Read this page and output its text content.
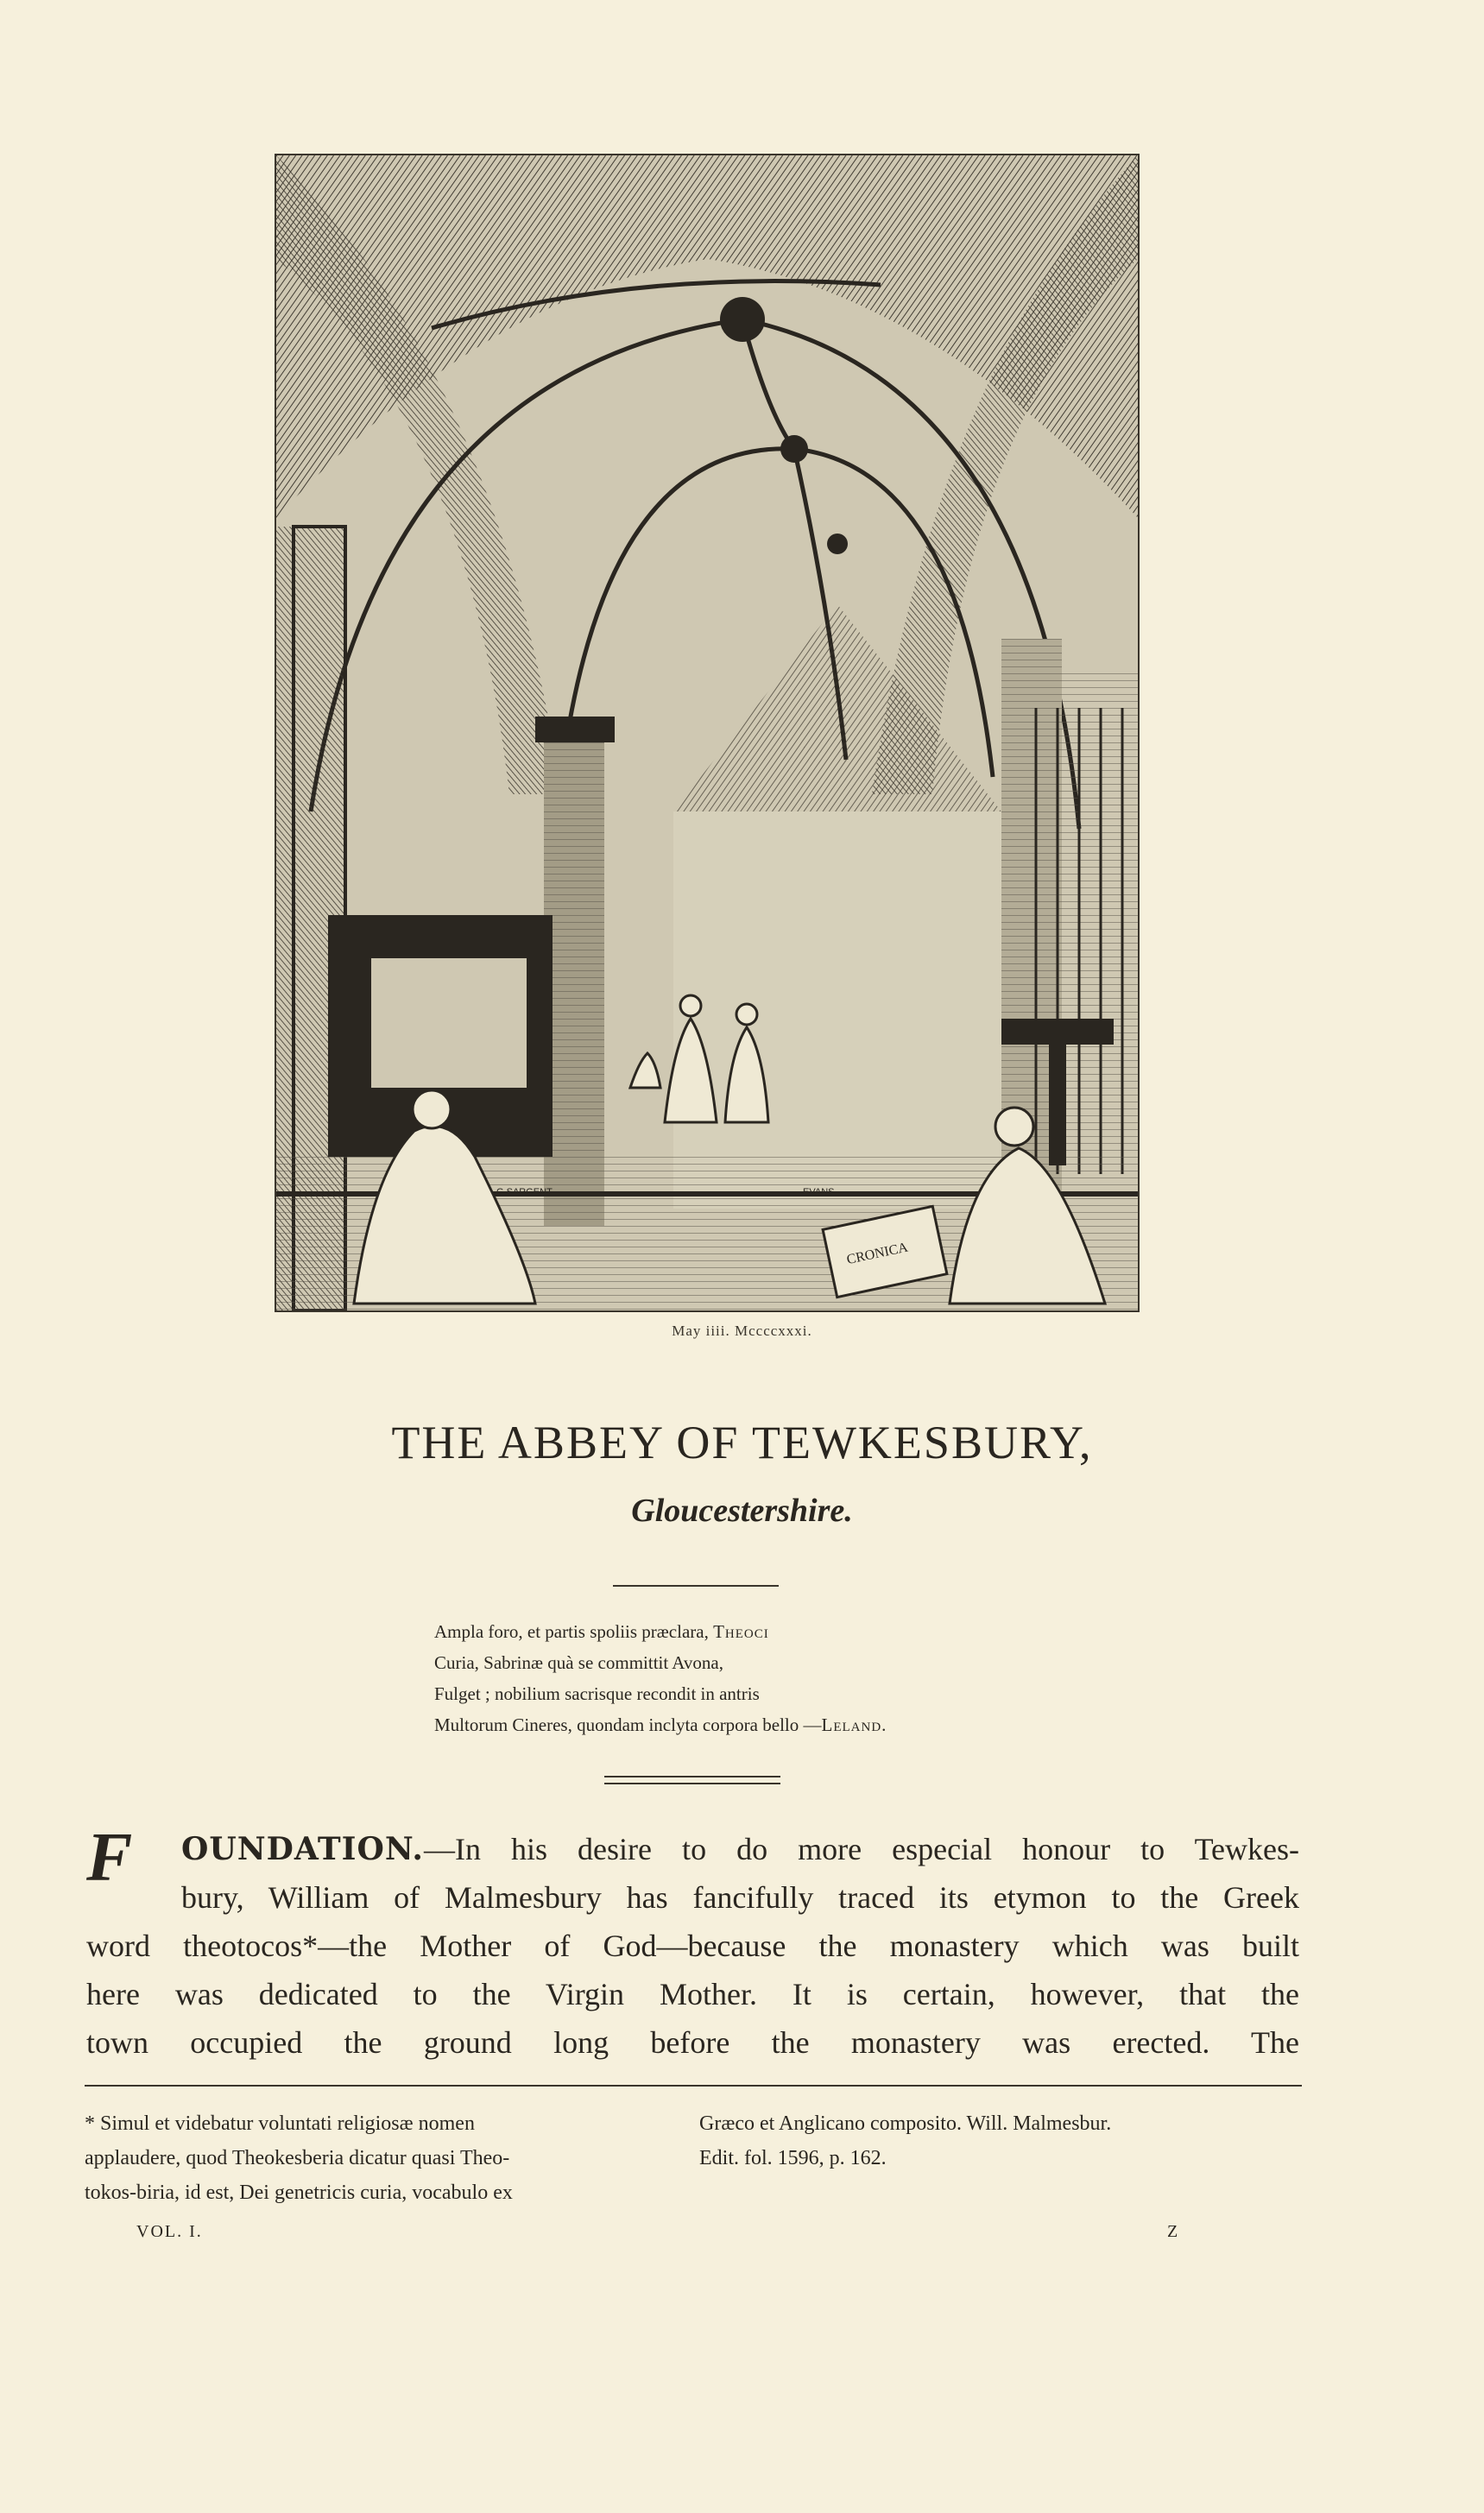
CRONICA
G.SARGENT	EVANS
May iiii. Mccccxxxi.
THE ABBEY OF TEWKESBURY,
Gloucestershire.
Ampla foro, et partis spoliis præclara, Theoci
Curia, Sabrinæ quà se committit Avona,
Fulget ; nobilium sacrisque recondit in antris
Multorum Cineres, quondam inclyta corpora bello —Leland.
F	OUNDATION.—In his desire to do more especial honour to Tewkes-
bury, William of Malmesbury has fancifully traced its etymon to the Greek
word theotocos*—the Mother of God—because the monastery which was built
here was dedicated to the Virgin Mother. It is certain, however, that the
town occupied the ground long before the monastery was erected. The
* Simul et videbatur voluntati religiosæ nomen
applaudere, quod Theokesberia dicatur quasi Theo-
tokos-biria, id est, Dei genetricis curia, vocabulo ex
Græco et Anglicano composito. Will. Malmesbur.
Edit. fol. 1596, p. 162.
VOL. I.	Z
